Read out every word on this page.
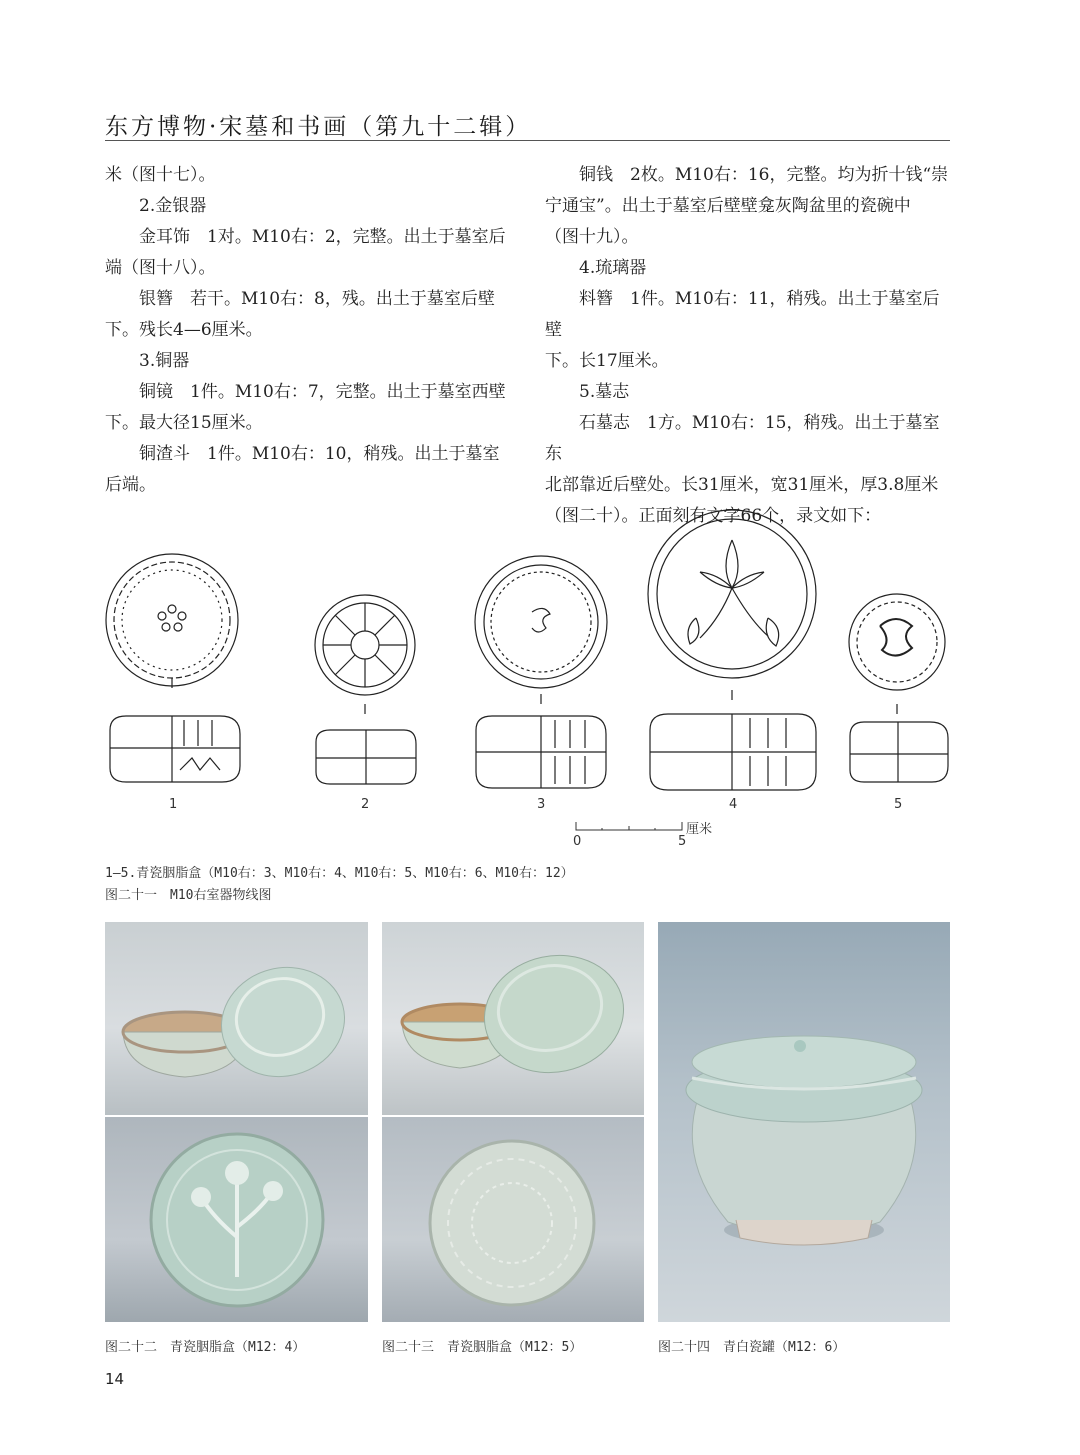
东方博物·宋墓和书画（第九十二辑）

米（图十七）。

2.金银器

金耳饰　1对。M10右：2，完整。出土于墓室后

端（图十八）。

银簪　若干。M10右：8，残。出土于墓室后壁

下。残长4—6厘米。

3.铜器

铜镜　1件。M10右：7，完整。出土于墓室西壁

下。最大径15厘米。

铜渣斗　1件。M10右：10，稍残。出土于墓室

后端。

铜钱　2枚。M10右：16，完整。均为折十钱“崇

宁通宝”。出土于墓室后壁壁龛灰陶盆里的瓷碗中

（图十九）。

4.琉璃器

料簪　1件。M10右：11，稍残。出土于墓室后壁

下。长17厘米。

5.墓志

石墓志　1方。M10右：15，稍残。出土于墓室东

北部靠近后壁处。长31厘米，宽31厘米，厚3.8厘米

（图二十）。正面刻有文字66个，录文如下：

1	2	3	4	5
0	5
厘米
1—5.青瓷胭脂盒（M10右：3、M10右：4、M10右：5、M10右：6、M10右：12）
图二十一　M10右室器物线图
图二十二　青瓷胭脂盒（M12：4）	图二十三　青瓷胭脂盒（M12：5）	图二十四　青白瓷罐（M12：6）
14
